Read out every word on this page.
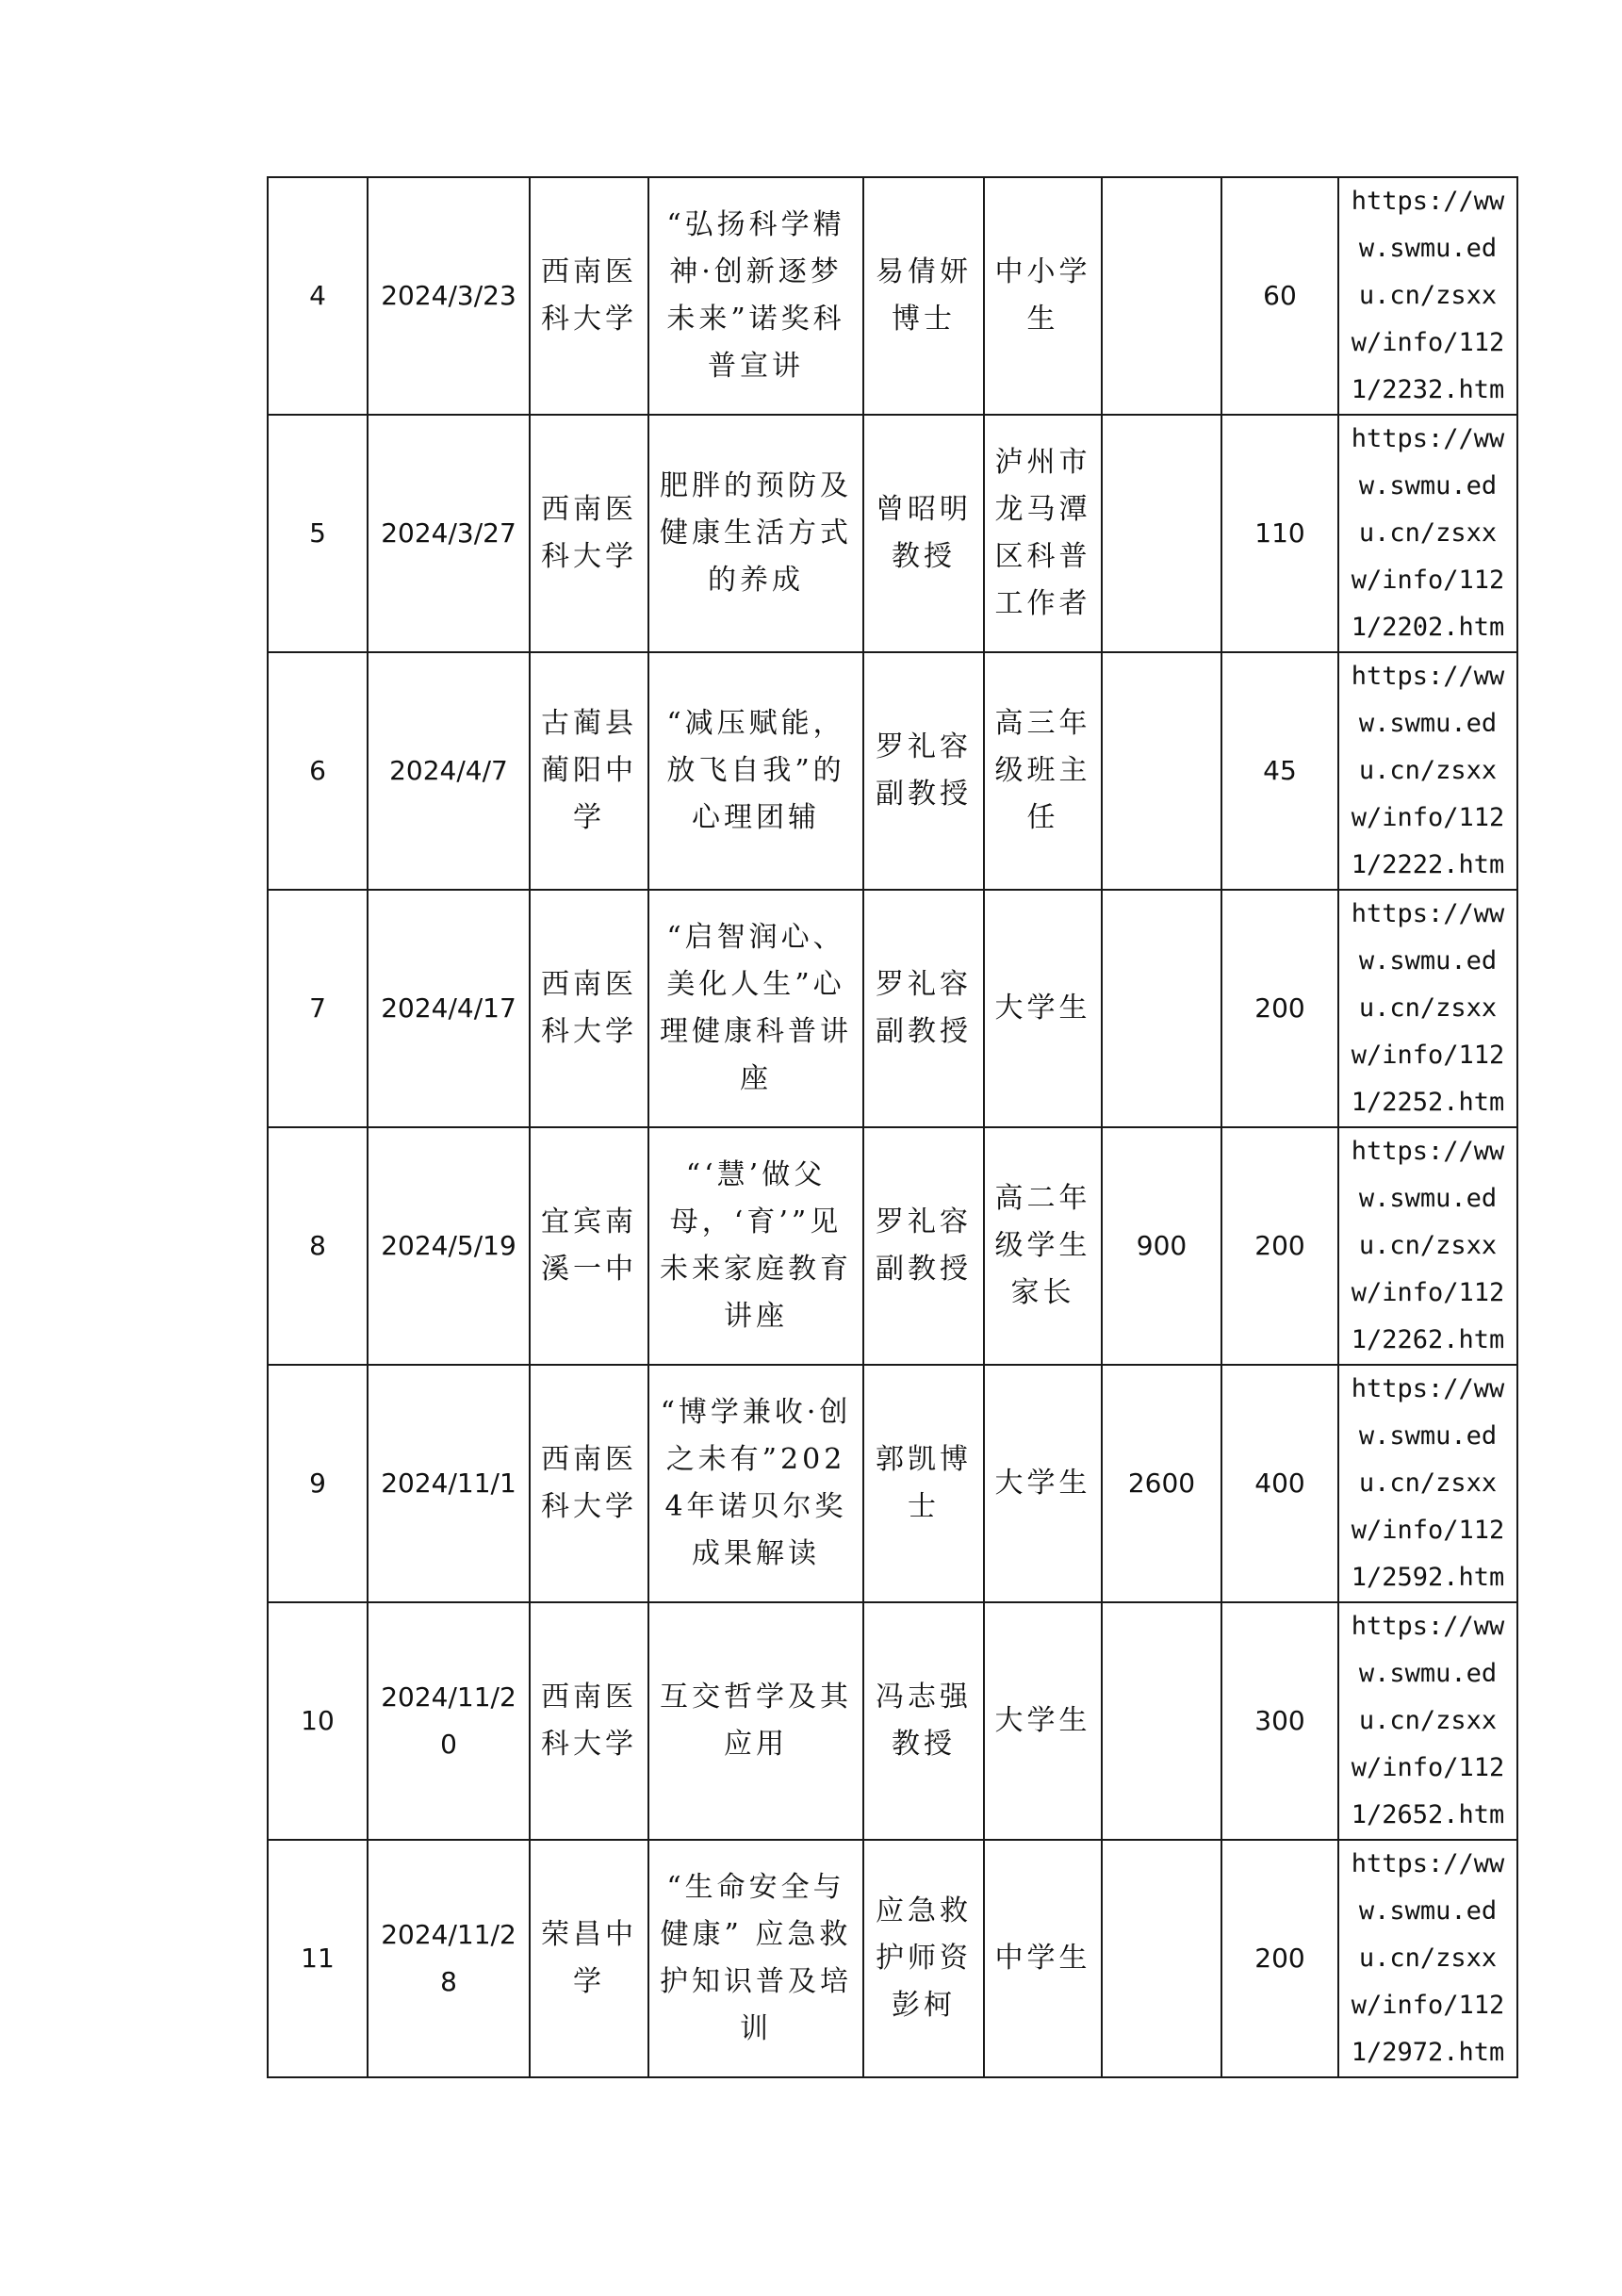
4	2024/3/23	西南医科大学	“弘扬科学精神·创新逐梦未来”诺奖科普宣讲	易倩妍博士	中小学生		60	https://www.swmu.edu.cn/zsxxw/info/1121/2232.htm
5	2024/3/27	西南医科大学	肥胖的预防及健康生活方式的养成	曾昭明教授	泸州市龙马潭区科普工作者		110	https://www.swmu.edu.cn/zsxxw/info/1121/2202.htm
6	2024/4/7	古蔺县蔺阳中学	“减压赋能，放飞自我”的心理团辅	罗礼容副教授	高三年级班主任		45	https://www.swmu.edu.cn/zsxxw/info/1121/2222.htm
7	2024/4/17	西南医科大学	“启智润心、美化人生”心理健康科普讲座	罗礼容副教授	大学生		200	https://www.swmu.edu.cn/zsxxw/info/1121/2252.htm
8	2024/5/19	宜宾南溪一中	“‘慧’做父母，‘育’”见未来家庭教育讲座	罗礼容副教授	高二年级学生家长	900	200	https://www.swmu.edu.cn/zsxxw/info/1121/2262.htm
9	2024/11/1	西南医科大学	“博学兼收·创之未有”2024年诺贝尔奖成果解读	郭凯博士	大学生	2600	400	https://www.swmu.edu.cn/zsxxw/info/1121/2592.htm
10	2024/11/20	西南医科大学	互交哲学及其应用	冯志强教授	大学生		300	https://www.swmu.edu.cn/zsxxw/info/1121/2652.htm
11	2024/11/28	荣昌中学	“生命安全与健康” 应急救护知识普及培训	应急救护师资彭柯	中学生		200	https://www.swmu.edu.cn/zsxxw/info/1121/2972.htm
